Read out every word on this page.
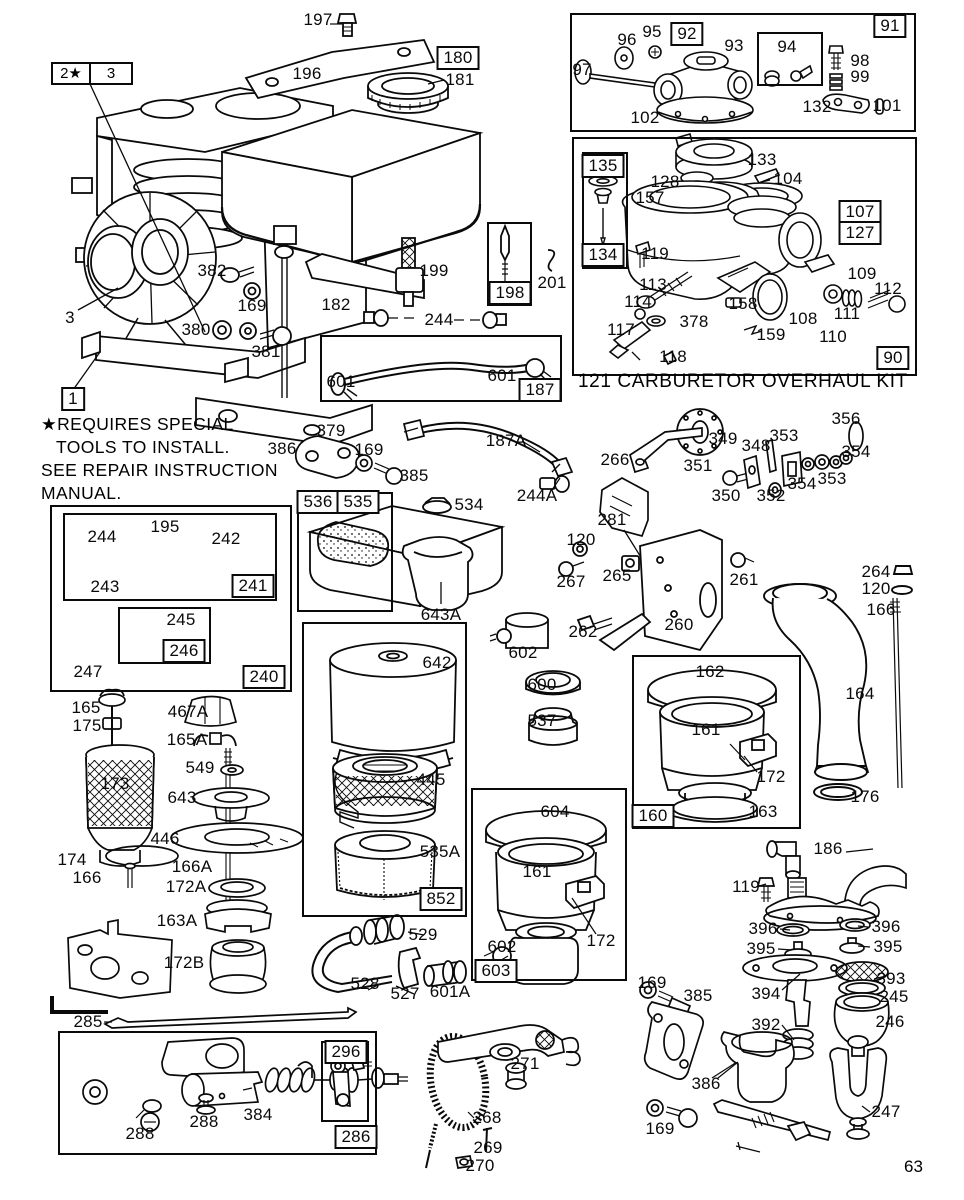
197
196
180
181
91
96 95 92
93 94
97	98
99
132 101
102
135
134
133
128	104
157
107
127
119
109
113	112
114	158
378	108 111
117	159 110
118	90
3
1
382
169
380
381
182
199
244
198
201
601	601
187
379
386	169
385
187A
244A
266
281
349 348
353
356
354
351
350 352
354 353
244
195
242
243	241
245
246
247	240
536 535	534
643A
120
267 265	261
262	260
264
120
166
164
176
602
600
537
642
445
535A
852
162
161
172
163
160
165
175
467A
165A
549
173
643
446
174
166
166A
172A
163A
172B
604
161
602	172
603
186
119
396	396
395	395
394
393
245
246
392
169
385
386
169
247
529
528
527 601A
271
268
269
270
285
296
288
288 384
286
2★	3
★REQUIRES SPECIAL
TOOLS TO INSTALL.
SEE REPAIR INSTRUCTION
MANUAL.
121 CARBURETOR OVERHAUL KIT
63
